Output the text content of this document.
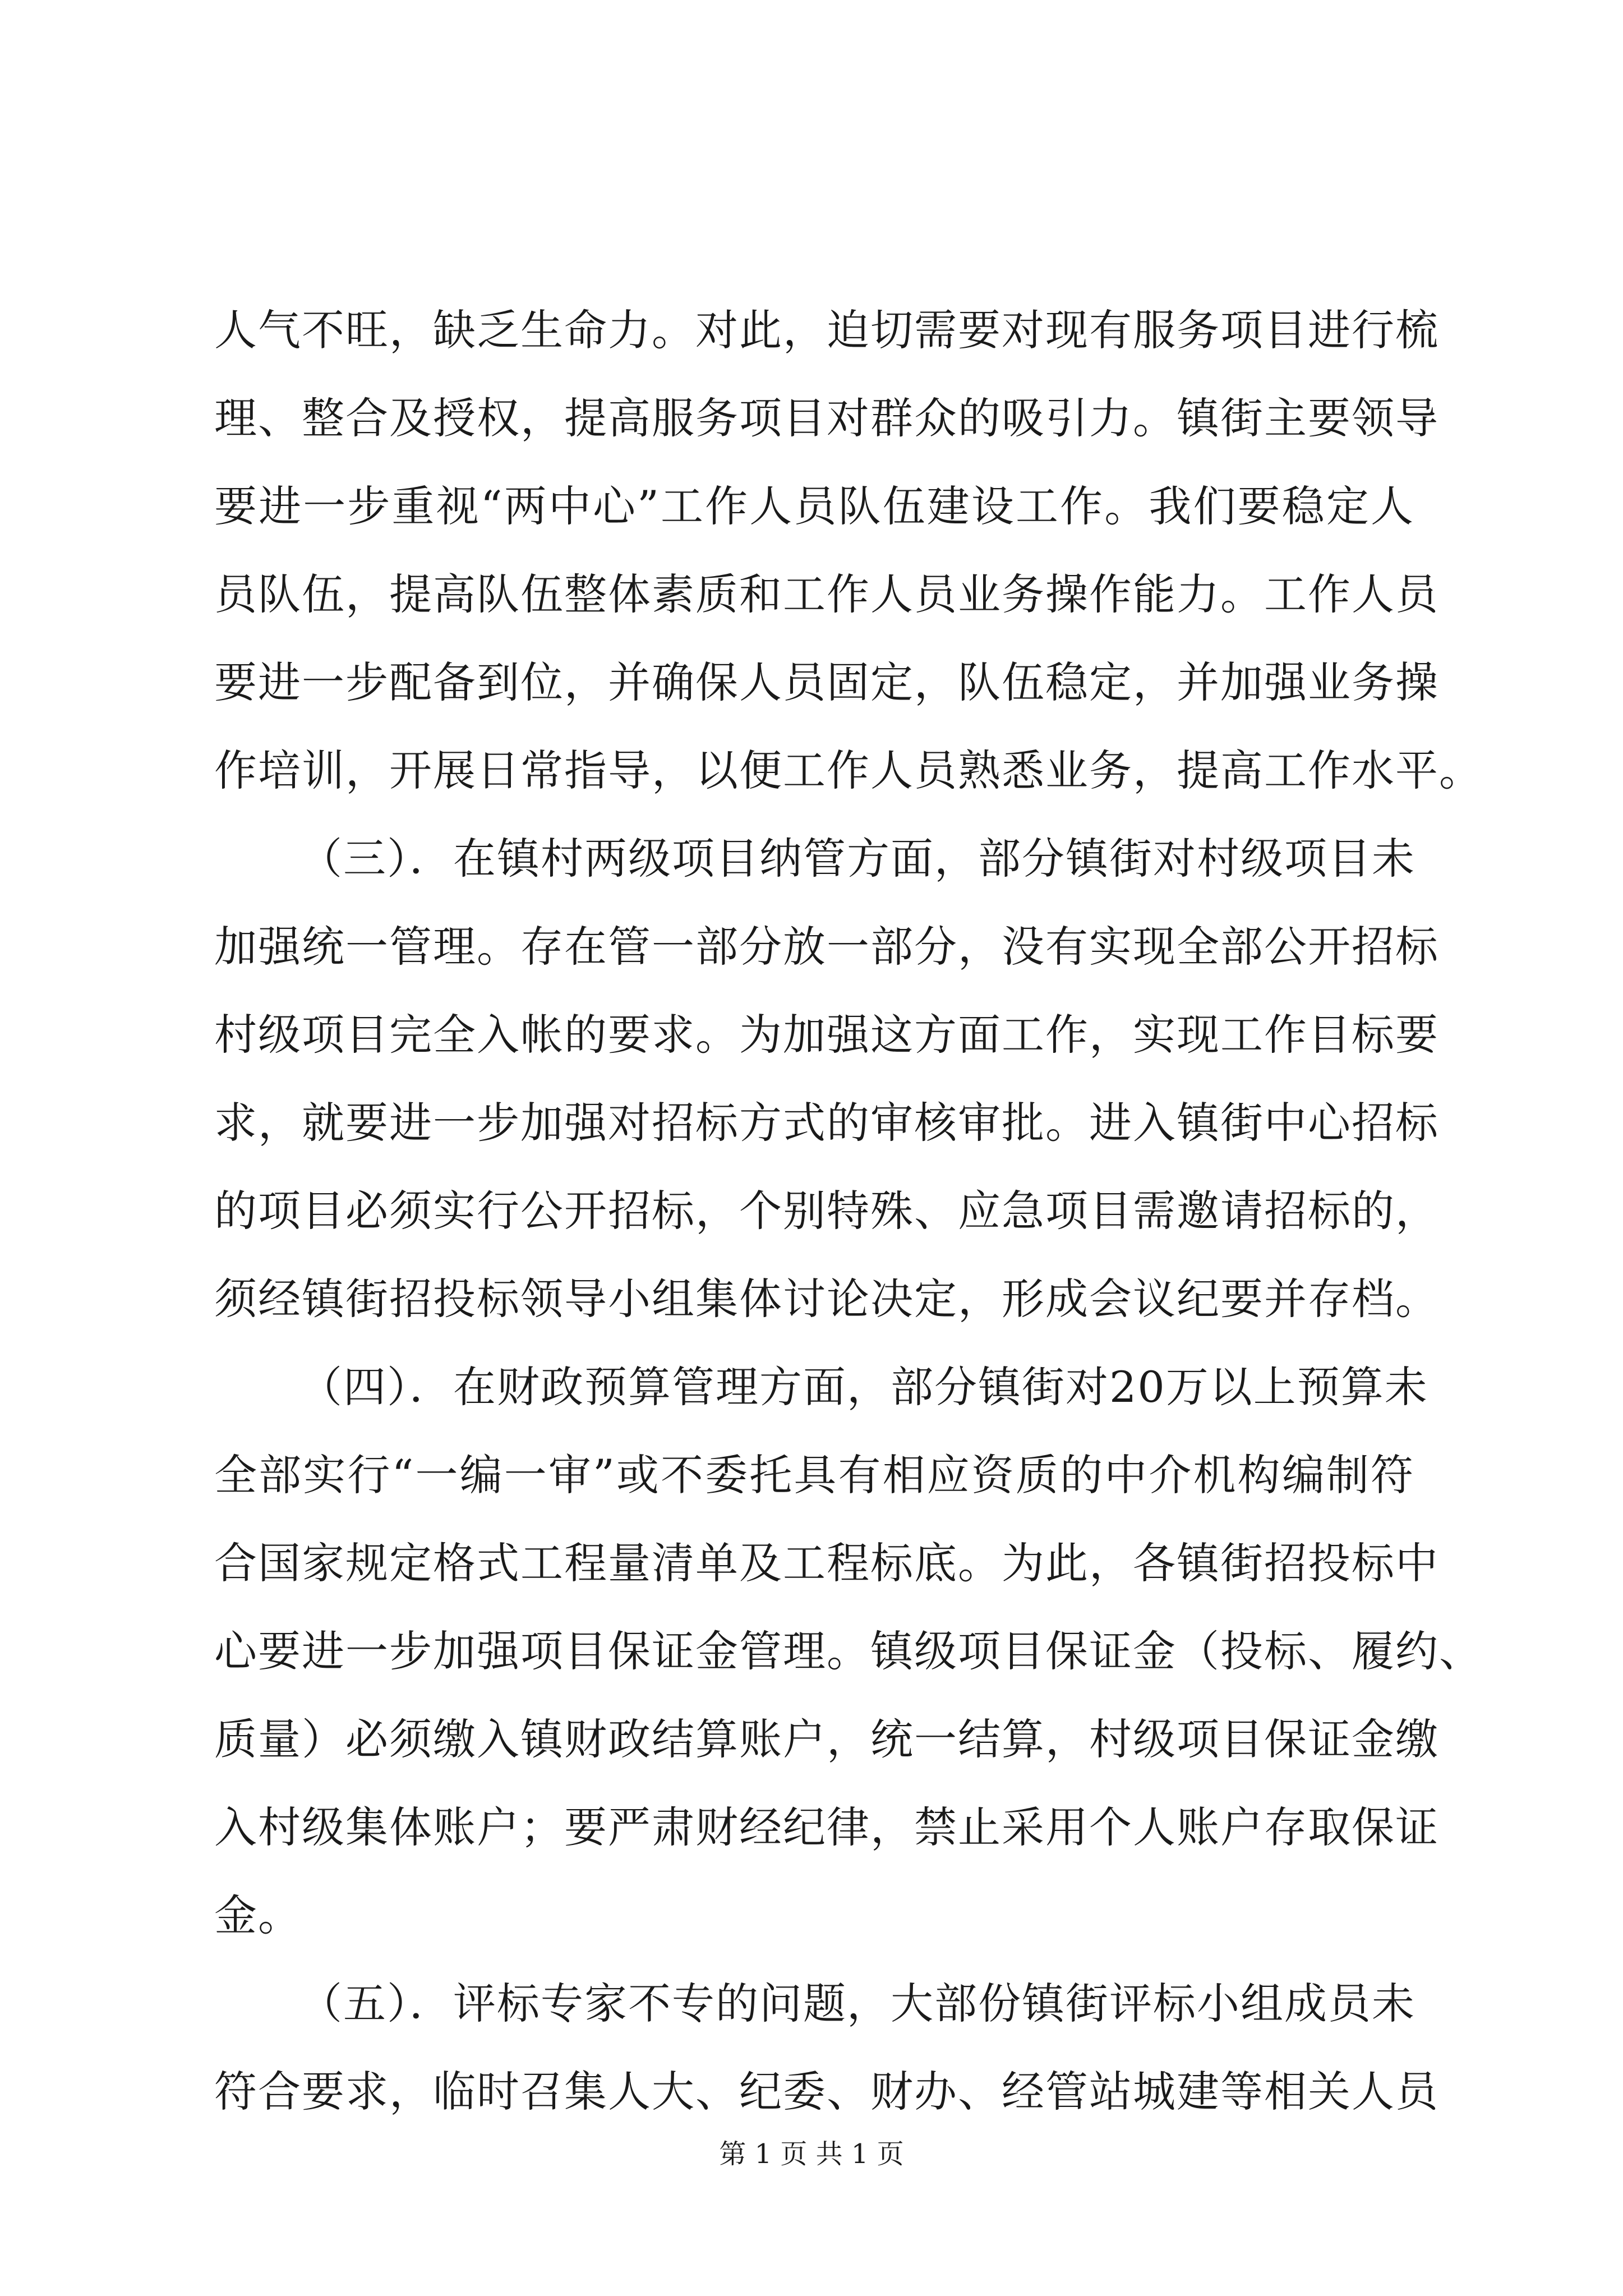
人气不旺，缺乏生命力。对此，迫切需要对现有服务项目进行梳
理、整合及授权，提高服务项目对群众的吸引力。镇街主要领导
要进一步重视“两中心”工作人员队伍建设工作。我们要稳定人
员队伍，提高队伍整体素质和工作人员业务操作能力。工作人员
要进一步配备到位，并确保人员固定，队伍稳定，并加强业务操
作培训，开展日常指导，以便工作人员熟悉业务，提高工作水平。
（三）．在镇村两级项目纳管方面，部分镇街对村级项目未
加强统一管理。存在管一部分放一部分，没有实现全部公开招标
村级项目完全入帐的要求。为加强这方面工作，实现工作目标要
求，就要进一步加强对招标方式的审核审批。进入镇街中心招标
的项目必须实行公开招标，个别特殊、应急项目需邀请招标的，
须经镇街招投标领导小组集体讨论决定，形成会议纪要并存档。
（四）．在财政预算管理方面，部分镇街对20万以上预算未
全部实行“一编一审”或不委托具有相应资质的中介机构编制符
合国家规定格式工程量清单及工程标底。为此，各镇街招投标中
心要进一步加强项目保证金管理。镇级项目保证金（投标、履约、
质量）必须缴入镇财政结算账户，统一结算，村级项目保证金缴
入村级集体账户；要严肃财经纪律，禁止采用个人账户存取保证
金。
（五）．评标专家不专的问题，大部份镇街评标小组成员未
符合要求，临时召集人大、纪委、财办、经管站城建等相关人员
第 1 页 共 1 页
